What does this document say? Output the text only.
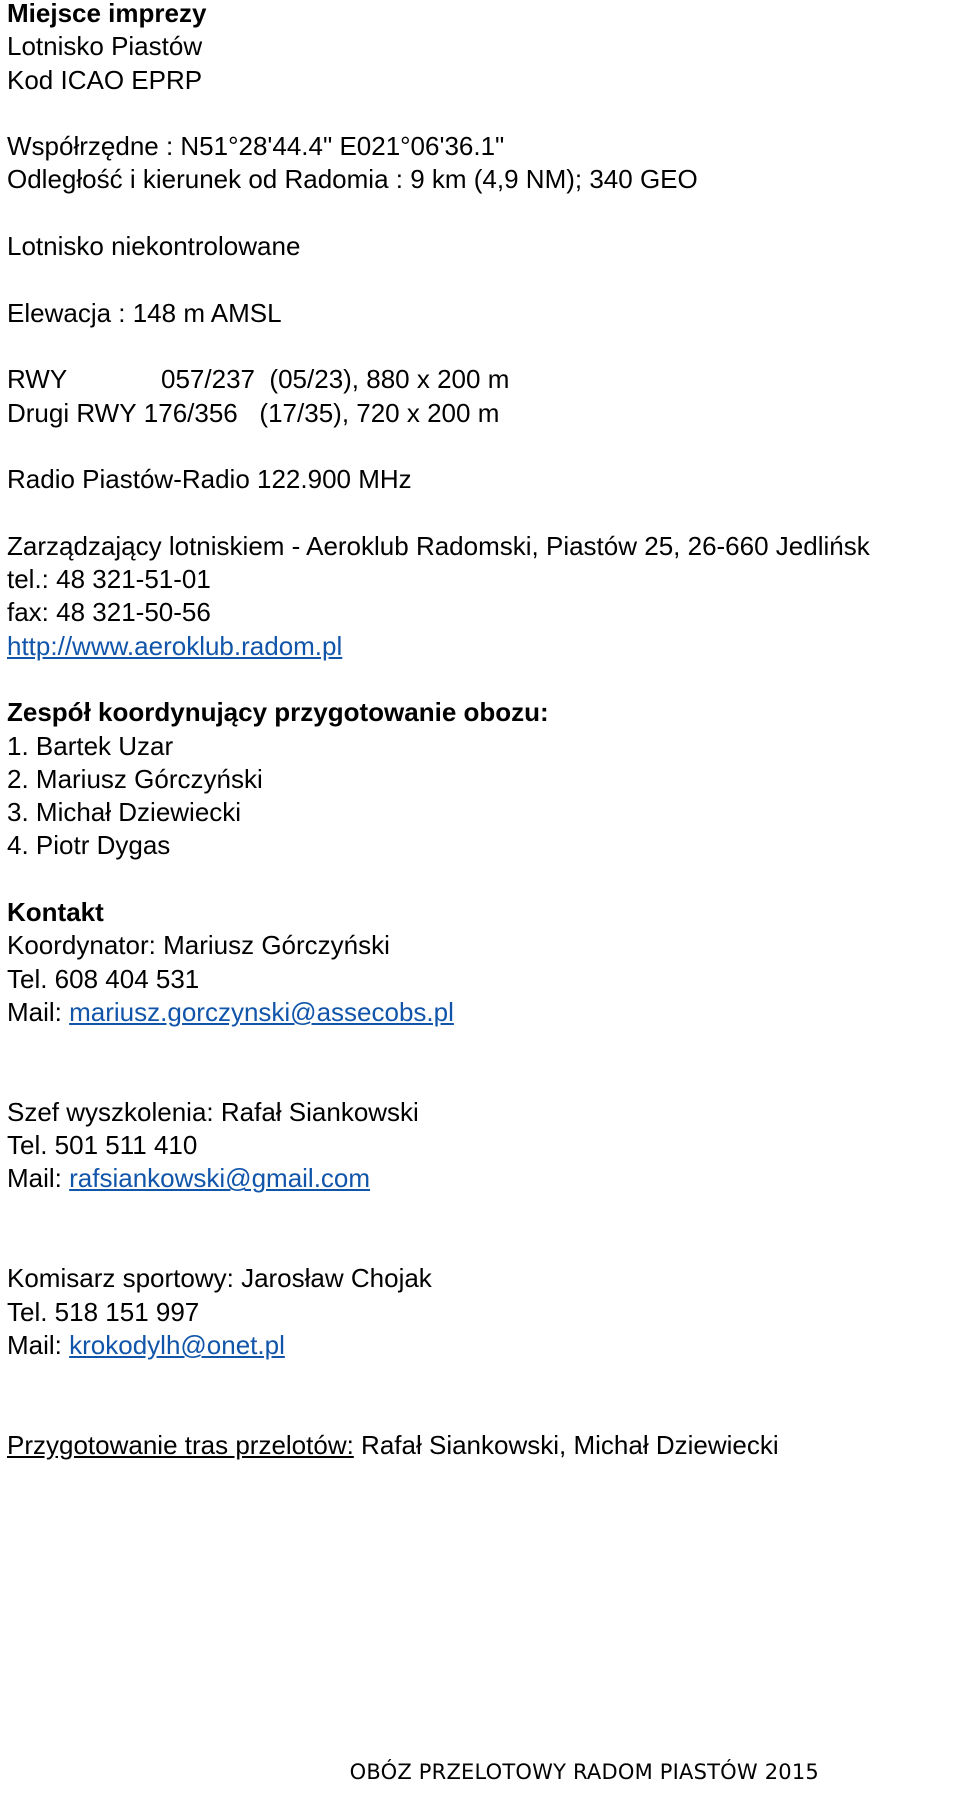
Miejsce imprezy
Lotnisko Piastów
Kod ICAO EPRP
Współrzędne : N51°28'44.4" E021°06'36.1"
Odległość i kierunek od Radomia : 9 km (4,9 NM); 340 GEO
Lotnisko niekontrolowane
Elewacja : 148 m AMSL
RWY	057/237  (05/23), 880 x 200 m
Drugi RWY 176/356   (17/35), 720 x 200 m
Radio Piastów-Radio 122.900 MHz
Zarządzający lotniskiem - Aeroklub Radomski, Piastów 25, 26-660 Jedlińsk
tel.: 48 321-51-01
fax: 48 321-50-56
http://www.aeroklub.radom.pl
Zespół koordynujący przygotowanie obozu:
1. Bartek Uzar
2. Mariusz Górczyński
3. Michał Dziewiecki
4. Piotr Dygas
Kontakt
Koordynator: Mariusz Górczyński
Tel. 608 404 531
Mail: mariusz.gorczynski@assecobs.pl
Szef wyszkolenia: Rafał Siankowski
Tel. 501 511 410
Mail: rafsiankowski@gmail.com
Komisarz sportowy: Jarosław Chojak
Tel. 518 151 997
Mail: krokodylh@onet.pl
Przygotowanie tras przelotów: Rafał Siankowski, Michał Dziewiecki
OBÓZ PRZELOTOWY RADOM PIASTÓW 2015
